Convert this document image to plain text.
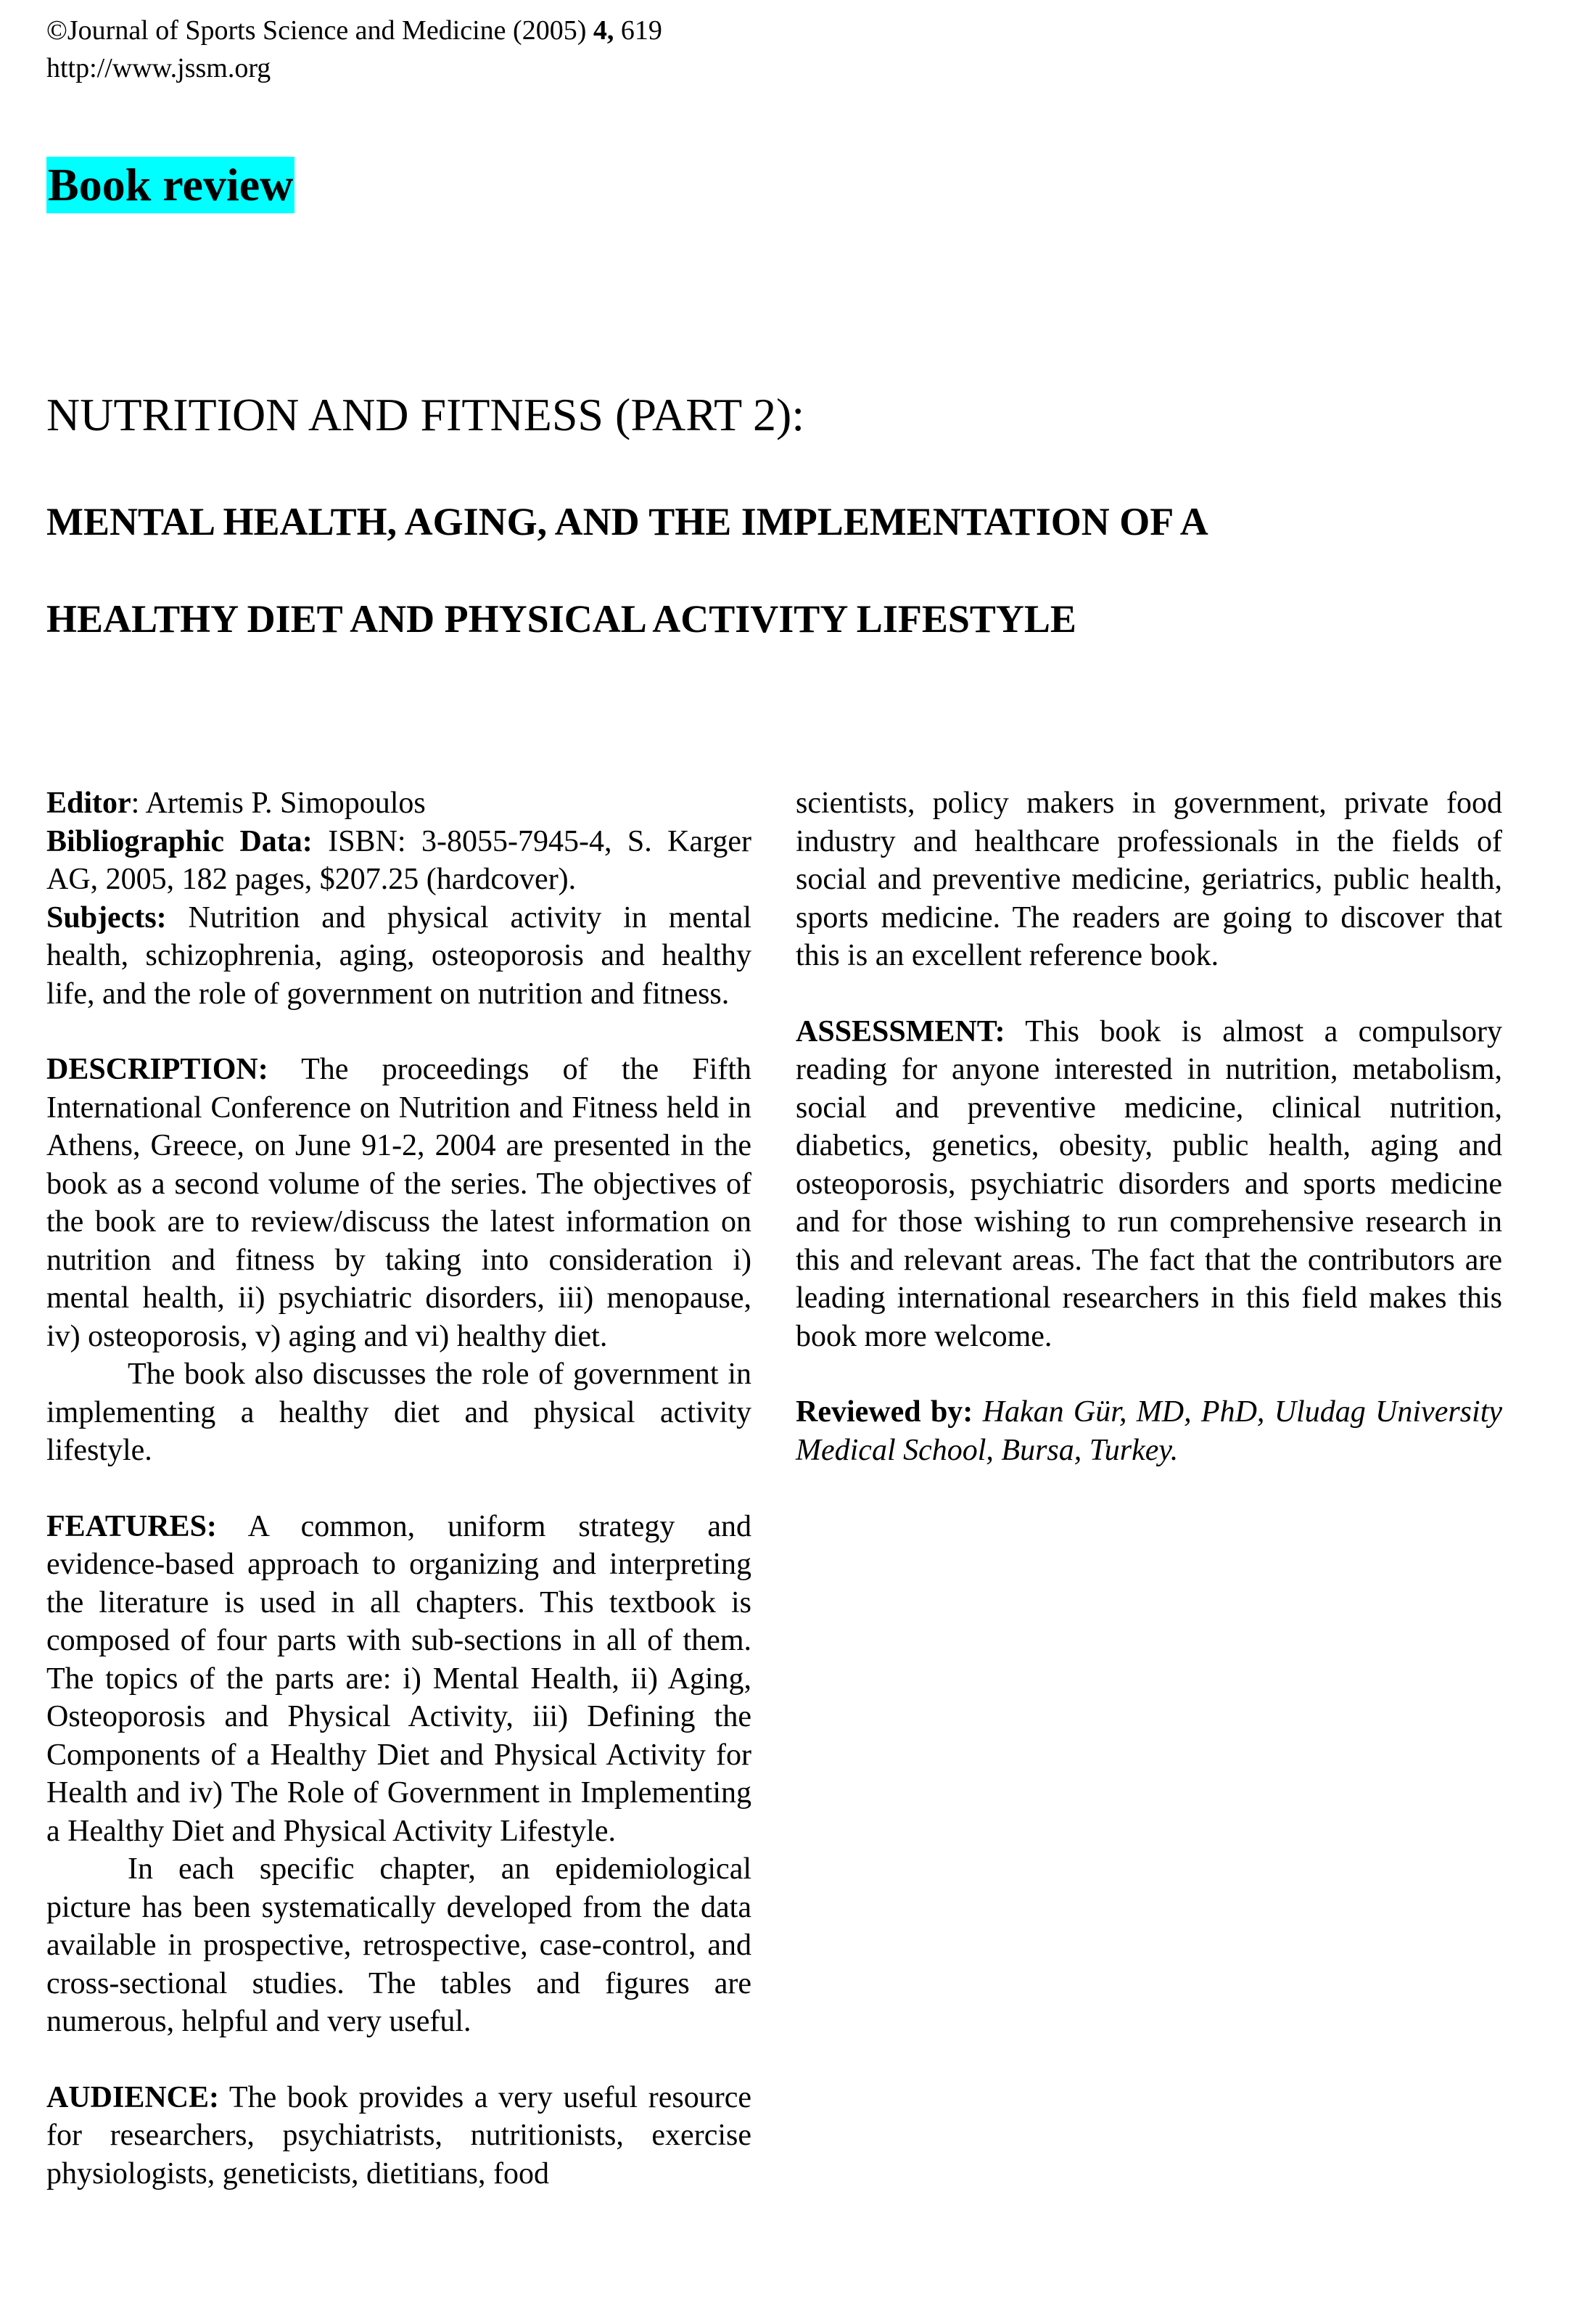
©Journal of Sports Science and Medicine (2005) 4, 619
http://www.jssm.org
Book review
NUTRITION AND FITNESS (PART 2):
MENTAL HEALTH, AGING, AND THE IMPLEMENTATION OF A
HEALTHY DIET AND PHYSICAL ACTIVITY LIFESTYLE

Editor: Artemis P. Simopoulos

Bibliographic Data: ISBN: 3-8055-7945-4, S. Karger AG, 2005, 182 pages, $207.25 (hardcover).

Subjects: Nutrition and physical activity in mental health, schizophrenia, aging, osteoporosis and healthy life, and the role of government on nutrition and fitness.

DESCRIPTION: The proceedings of the Fifth International Conference on Nutrition and Fitness held in Athens, Greece, on June 91-2, 2004 are presented in the book as a second volume of the series. The objectives of the book are to review/discuss the latest information on nutrition and fitness by taking into consideration i) mental health, ii) psychiatric disorders, iii) menopause, iv) osteoporosis, v) aging and vi) healthy diet.

The book also discusses the role of government in implementing a healthy diet and physical activity lifestyle.

FEATURES: A common, uniform strategy and evidence-based approach to organizing and interpreting the literature is used in all chapters. This textbook is composed of four parts with sub-sections in all of them. The topics of the parts are: i) Mental Health, ii) Aging, Osteoporosis and Physical Activity, iii) Defining the Components of a Healthy Diet and Physical Activity for Health and iv) The Role of Government in Implementing a Healthy Diet and Physical Activity Lifestyle.

In each specific chapter, an epidemiological picture has been systematically developed from the data available in prospective, retrospective, case-control, and cross-sectional studies. The tables and figures are numerous, helpful and very useful.

AUDIENCE: The book provides a very useful resource for researchers, psychiatrists, nutritionists, exercise physiologists, geneticists, dietitians, food

scientists, policy makers in government, private food industry and healthcare professionals in the fields of social and preventive medicine, geriatrics, public health, sports medicine. The readers are going to discover that this is an excellent reference book.

ASSESSMENT: This book is almost a compulsory reading for anyone interested in nutrition, metabolism, social and preventive medicine, clinical nutrition, diabetics, genetics, obesity, public health, aging and osteoporosis, psychiatric disorders and sports medicine and for those wishing to run comprehensive research in this and relevant areas. The fact that the contributors are leading international researchers in this field makes this book more welcome.

Reviewed by: Hakan Gür, MD, PhD, Uludag University Medical School, Bursa, Turkey.
